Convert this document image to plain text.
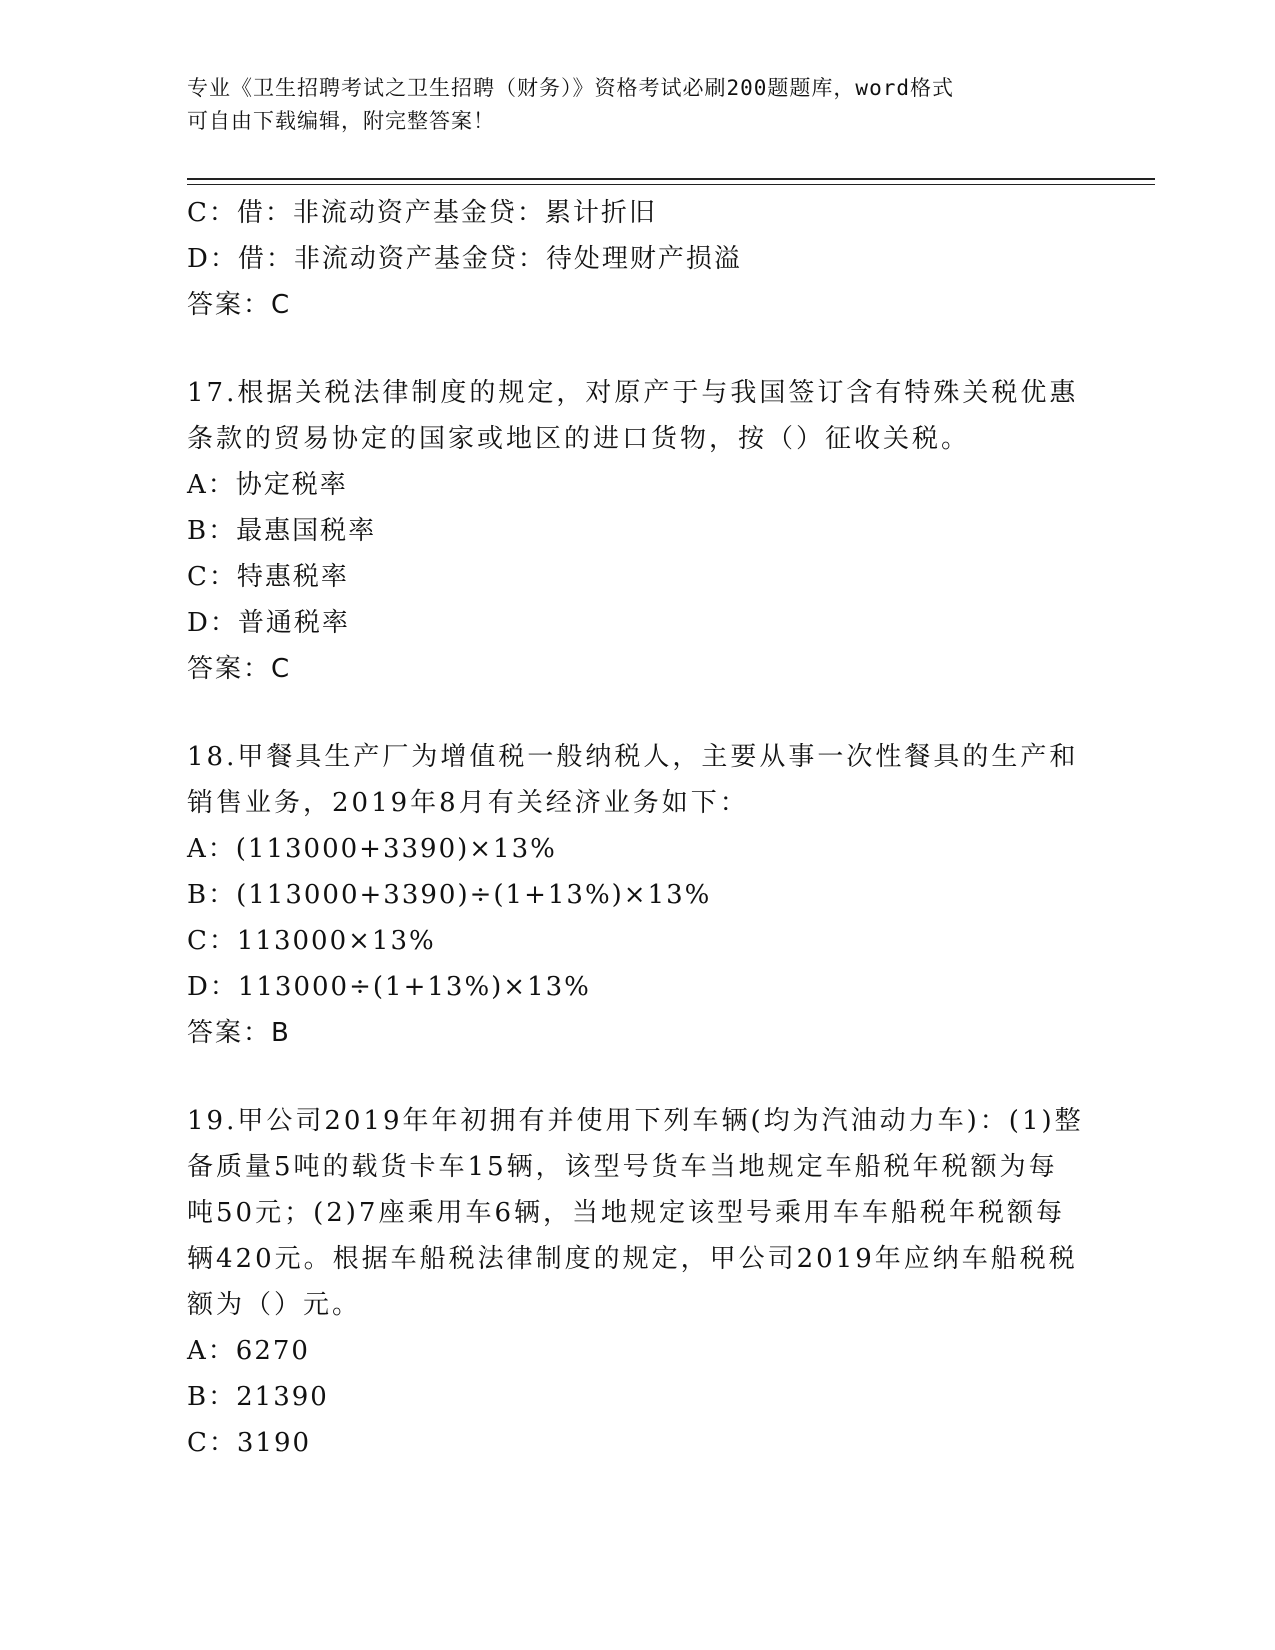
专业《卫生招聘考试之卫生招聘（财务）》资格考试必刷200题题库，word格式
可自由下载编辑，附完整答案！
C：借：非流动资产基金贷：累计折旧
D：借：非流动资产基金贷：待处理财产损溢
答案：C
17.根据关税法律制度的规定，对原产于与我国签订含有特殊关税优惠
条款的贸易协定的国家或地区的进口货物，按（）征收关税。
A：协定税率
B：最惠国税率
C：特惠税率
D：普通税率
答案：C
18.甲餐具生产厂为增值税一般纳税人，主要从事一次性餐具的生产和
销售业务，2019年8月有关经济业务如下：
A：(113000+3390)×13%
B：(113000+3390)÷(1+13%)×13%
C：113000×13%
D：113000÷(1+13%)×13%
答案：B
19.甲公司2019年年初拥有并使用下列车辆(均为汽油动力车)：(1)整
备质量5吨的载货卡车15辆，该型号货车当地规定车船税年税额为每
吨50元；(2)7座乘用车6辆，当地规定该型号乘用车车船税年税额每
辆420元。根据车船税法律制度的规定，甲公司2019年应纳车船税税
额为（）元。
A：6270
B：21390
C：3190
